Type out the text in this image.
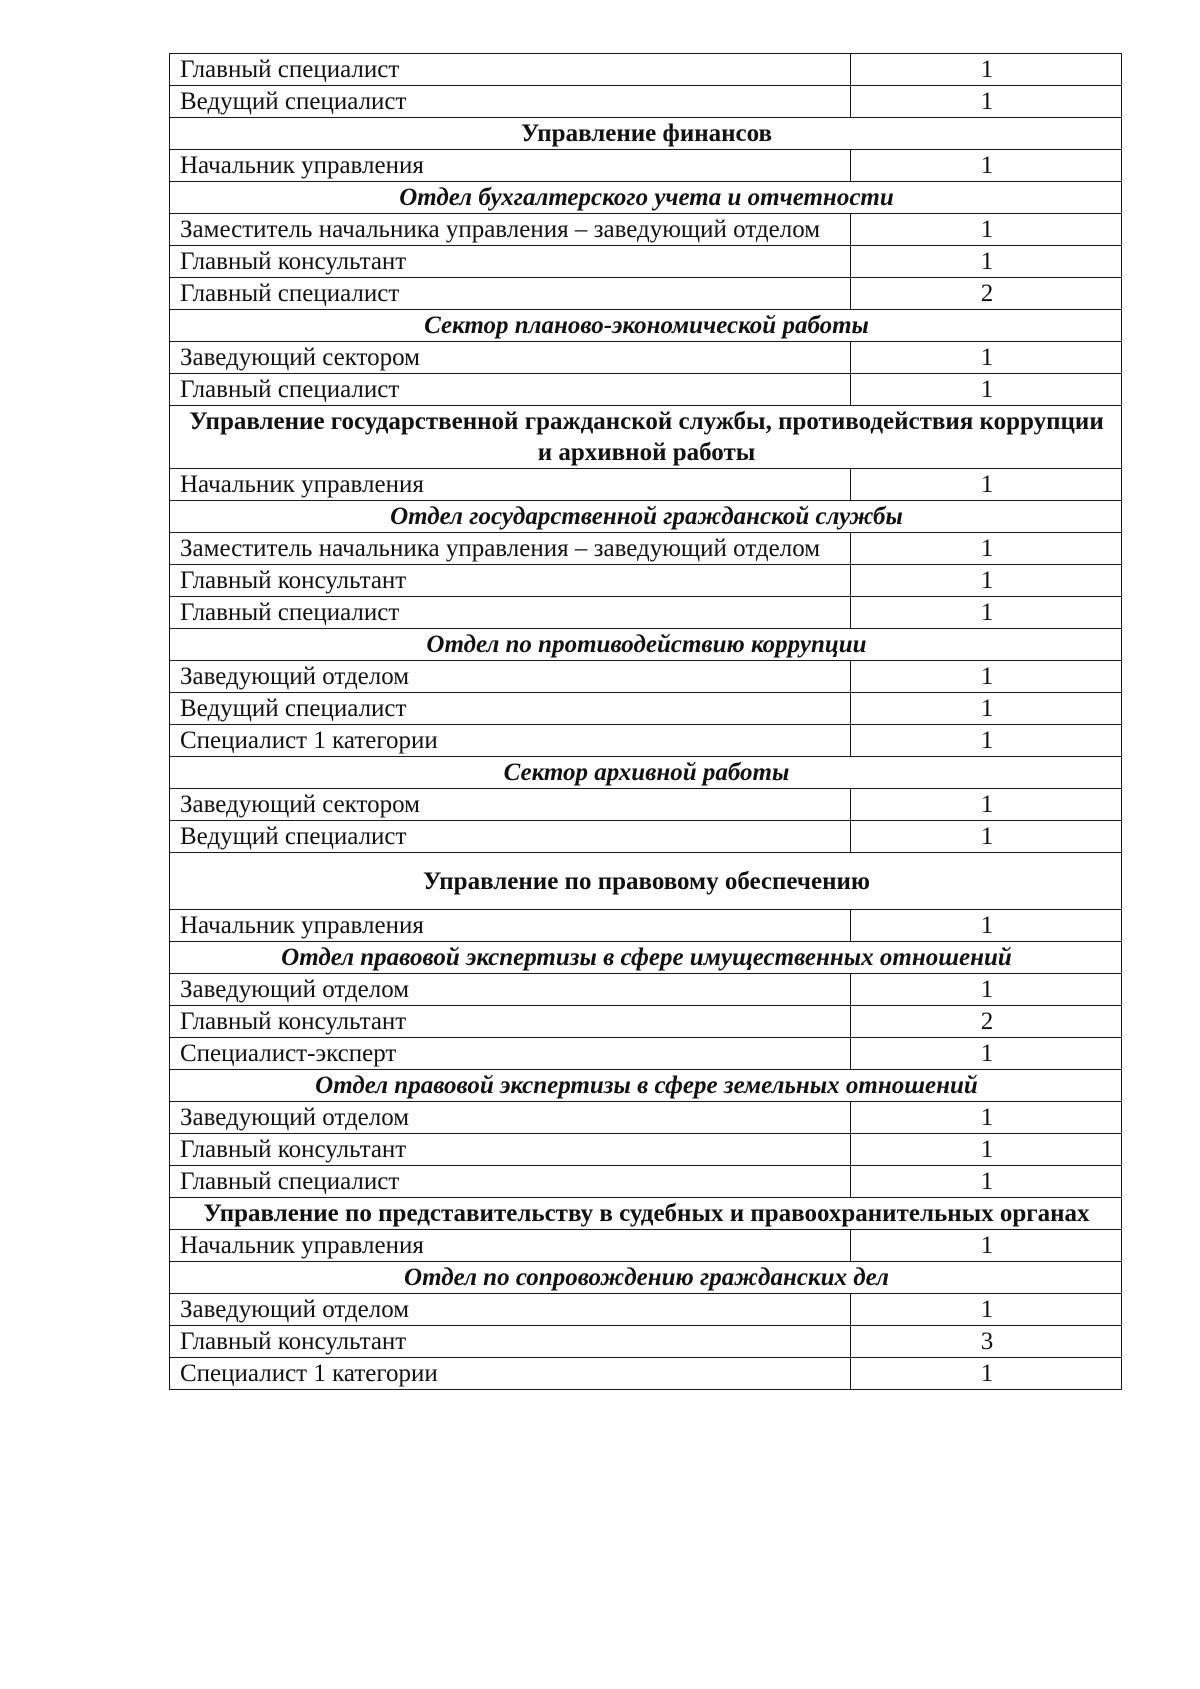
Главный специалист	1
Ведущий специалист	1
Управление финансов	
Начальник управления	1
Отдел бухгалтерского учета и отчетности	
Заместитель начальника управления – заведующий отделом	1
Главный консультант	1
Главный специалист	2
Сектор планово-экономической работы	
Заведующий сектором	1
Главный специалист	1
Управление государственной гражданской службы, противодействия коррупции и архивной работы	
Начальник управления	1
Отдел государственной гражданской службы	
Заместитель начальника управления – заведующий отделом	1
Главный консультант	1
Главный специалист	1
Отдел по противодействию коррупции	
Заведующий отделом	1
Ведущий специалист	1
Специалист 1 категории	1
Сектор архивной работы	
Заведующий сектором	1
Ведущий специалист	1
Управление по правовому обеспечению	
Начальник управления	1
Отдел правовой экспертизы в сфере имущественных отношений	
Заведующий отделом	1
Главный консультант	2
Специалист-эксперт	1
Отдел правовой экспертизы в сфере земельных отношений	
Заведующий отделом	1
Главный консультант	1
Главный специалист	1
Управление по представительству в судебных и правоохранительных органах	
Начальник управления	1
Отдел по сопровождению гражданских дел	
Заведующий отделом	1
Главный консультант	3
Специалист 1 категории	1
